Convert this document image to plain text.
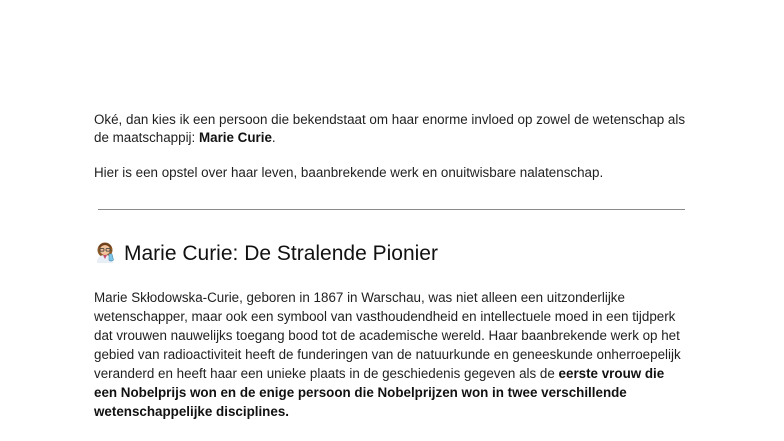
Oké, dan kies ik een persoon die bekendstaat om haar enorme invloed op zowel de wetenschap als de maatschappij: Marie Curie.

Hier is een opstel over haar leven, baanbrekende werk en onuitwisbare nalatenschap.

Marie Curie: De Stralende Pionier

Marie Skłodowska-Curie, geboren in 1867 in Warschau, was niet alleen een uitzonderlijke wetenschapper, maar ook een symbool van vasthoudendheid en intellectuele moed in een tijdperk dat vrouwen nauwelijks toegang bood tot de academische wereld. Haar baanbrekende werk op het gebied van radioactiviteit heeft de funderingen van de natuurkunde en geneeskunde onherroepelijk veranderd en heeft haar een unieke plaats in de geschiedenis gegeven als de eerste vrouw die een Nobelprijs won en de enige persoon die Nobelprijzen won in twee verschillende wetenschappelijke disciplines.
